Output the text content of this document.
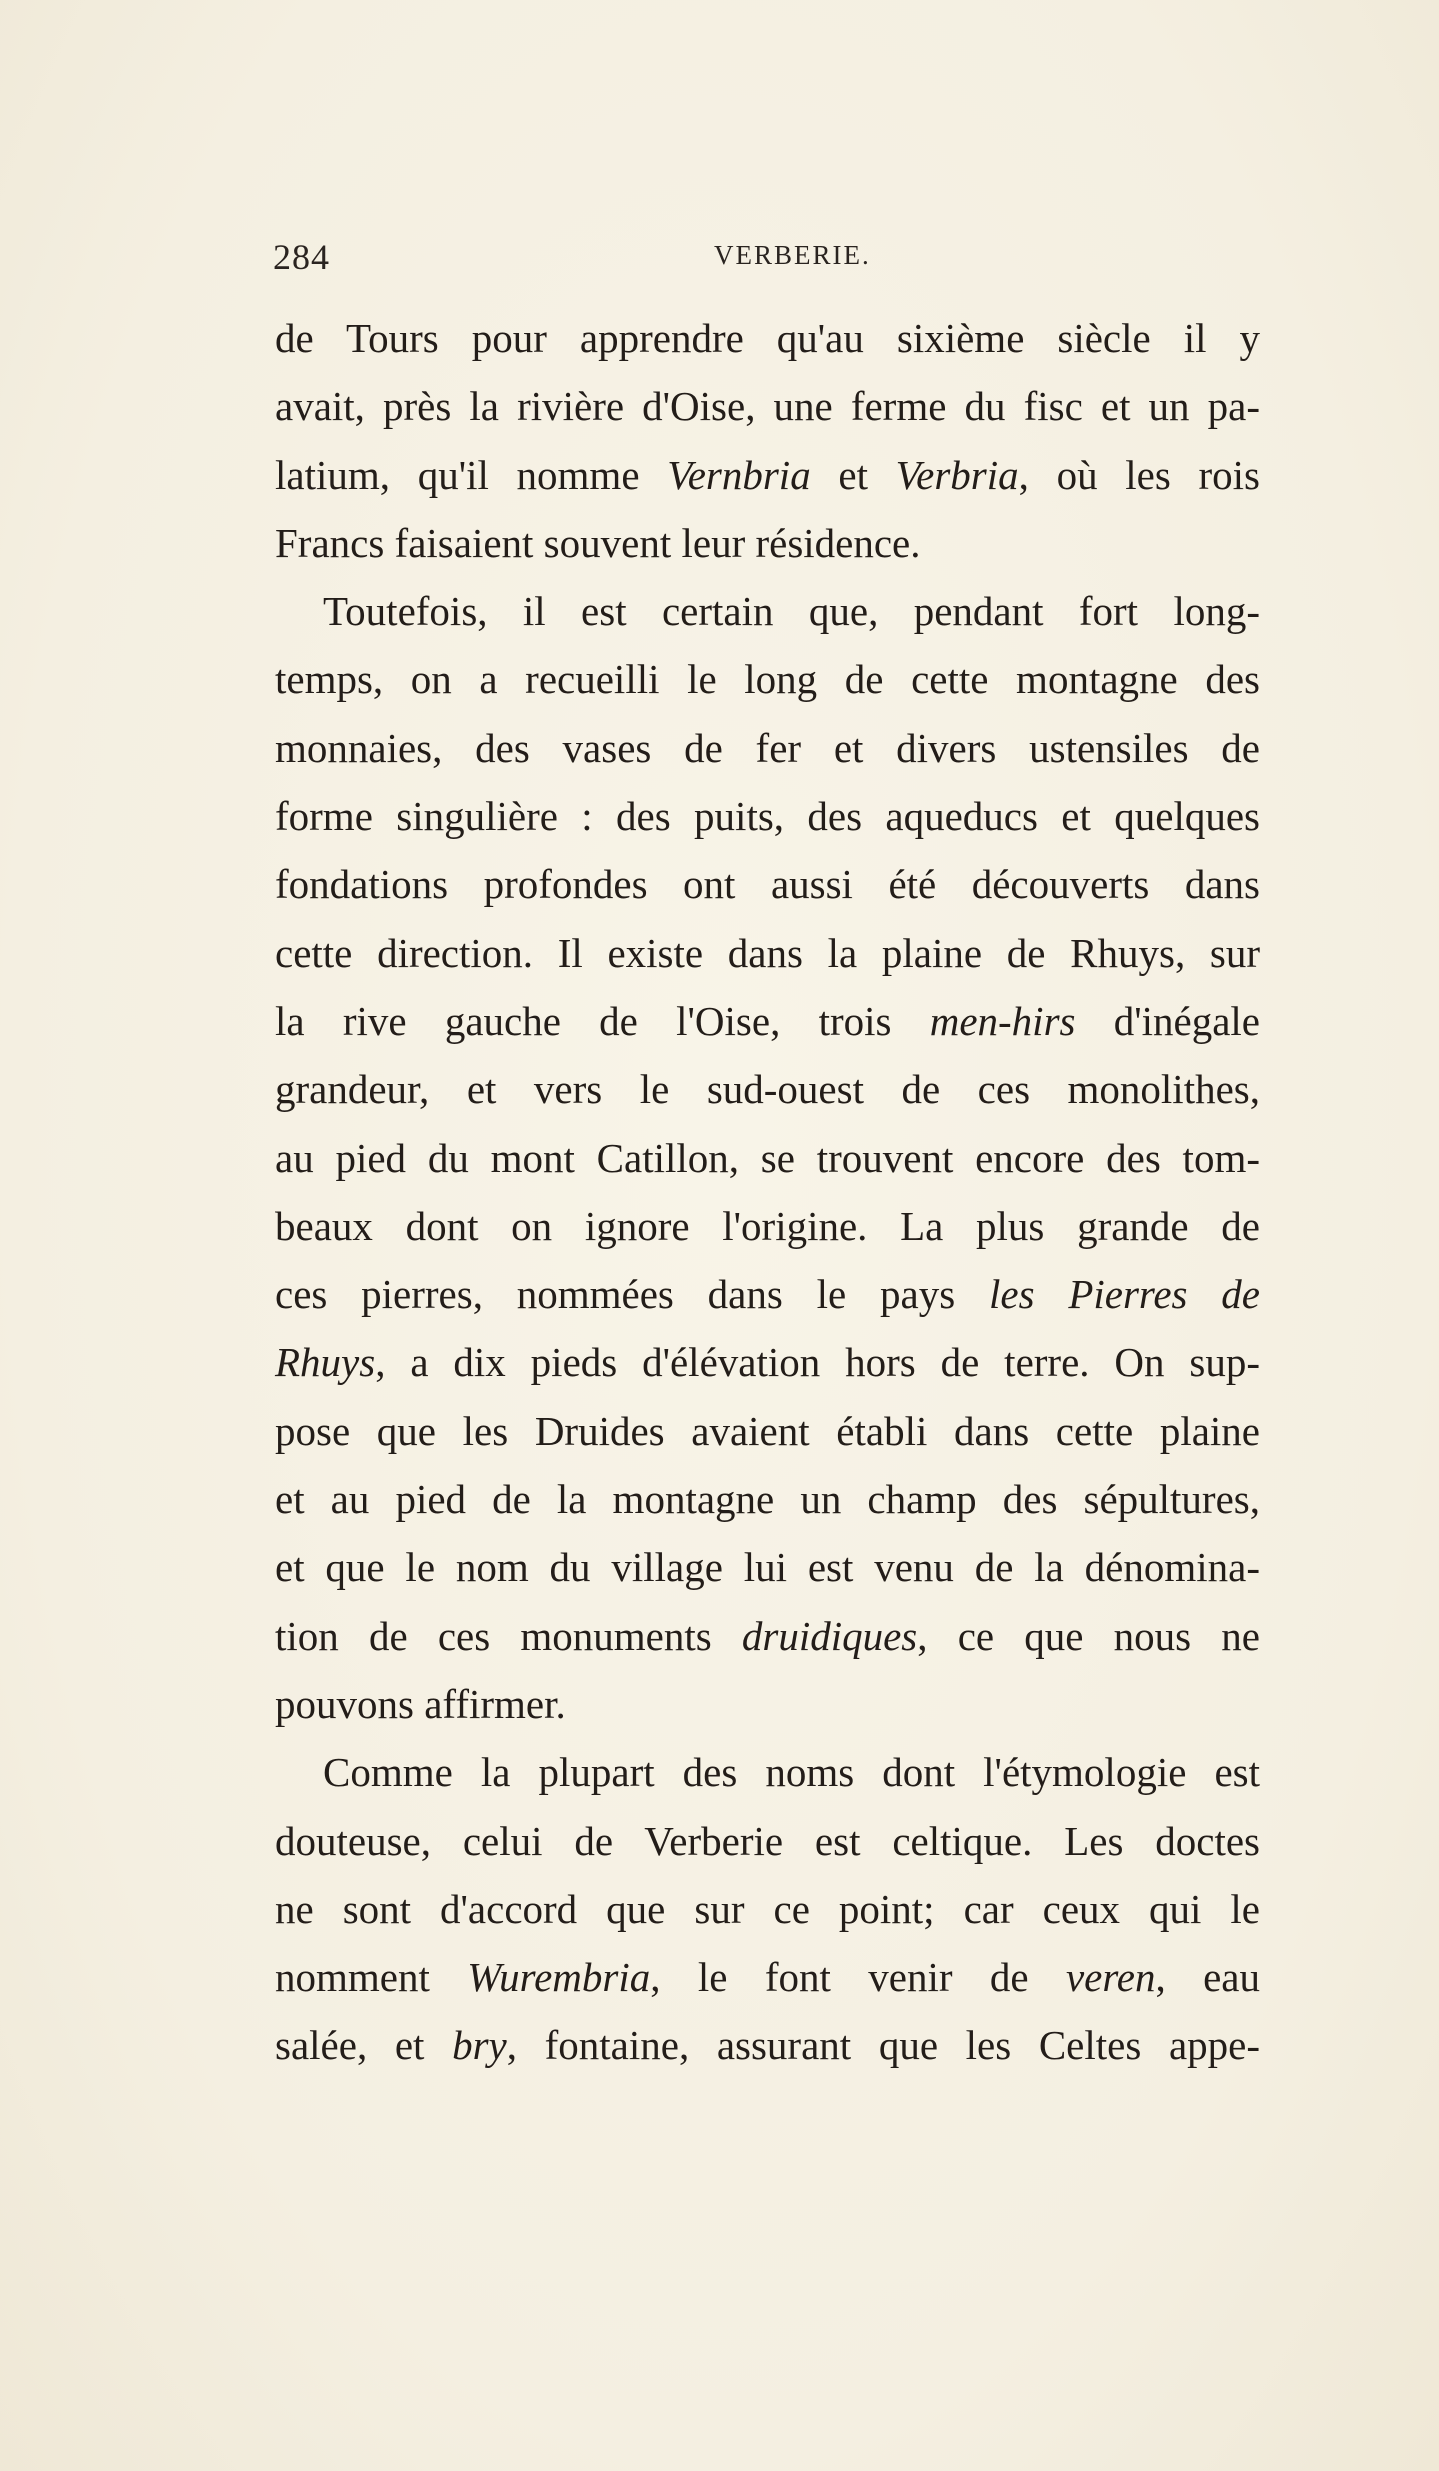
284	VERBERIE.
de Tours pour apprendre qu'au sixième siècle il y
avait, près la rivière d'Oise, une ferme du fisc et un pa-
latium, qu'il nomme Vernbria et Verbria, où les rois
Francs faisaient souvent leur résidence.
Toutefois, il est certain que, pendant fort long-
temps, on a recueilli le long de cette montagne des
monnaies, des vases de fer et divers ustensiles de
forme singulière : des puits, des aqueducs et quelques
fondations profondes ont aussi été découverts dans
cette direction. Il existe dans la plaine de Rhuys, sur
la rive gauche de l'Oise, trois men-hirs d'inégale
grandeur, et vers le sud-ouest de ces monolithes,
au pied du mont Catillon, se trouvent encore des tom-
beaux dont on ignore l'origine. La plus grande de
ces pierres, nommées dans le pays les Pierres de
Rhuys, a dix pieds d'élévation hors de terre. On sup-
pose que les Druides avaient établi dans cette plaine
et au pied de la montagne un champ des sépultures,
et que le nom du village lui est venu de la dénomina-
tion de ces monuments druidiques, ce que nous ne
pouvons affirmer.
Comme la plupart des noms dont l'étymologie est
douteuse, celui de Verberie est celtique. Les doctes
ne sont d'accord que sur ce point; car ceux qui le
nomment Wurembria, le font venir de veren, eau
salée, et bry, fontaine, assurant que les Celtes appe-
